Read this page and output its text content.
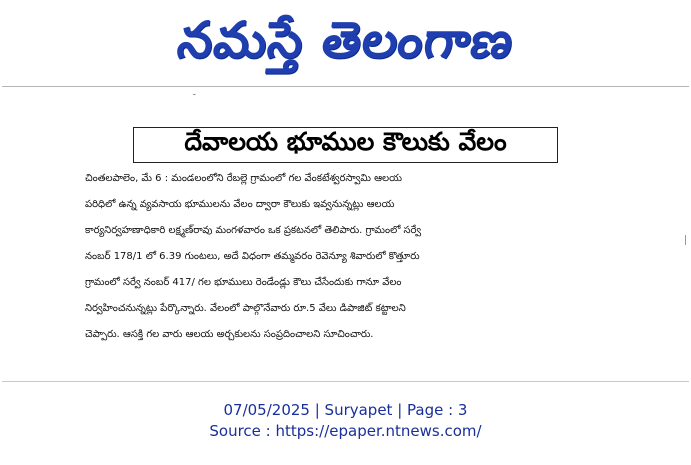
నమస్తే తెలంగాణ
˘
దేవాలయ భూముల కౌలుకు వేలం
చింతలపాలెం, మే 6 : మండలంలోని రేబల్లె గ్రామంలో గల వేంకటేశ్వరస్వామి ఆలయ
పరిధిలో ఉన్న వ్యవసాయ భూములను వేలం ద్వారా కౌలుకు ఇవ్వనున్నట్లు ఆలయ
కార్యనిర్వహణాధికారి లక్ష్మణ్‌రావు మంగళవారం ఒక ప్రకటనలో తెలిపారు. గ్రామంలో సర్వే
నంబర్ 178/1 లో 6.39 గుంటలు, అదే విధంగా తమ్మవరం రెవెన్యూ శివారులో కొత్తూరు
గ్రామంలో సర్వే నంబర్ 417/ గల భూములు రెండేండ్లు కౌలు చేసేందుకు గానూ వేలం
నిర్వహించనున్నట్లు పేర్కొన్నారు. వేలంలో పాల్గొనేవారు రూ.5 వేలు డిపాజిట్ కట్టాలని
చెప్పారు. ఆసక్తి గల వారు ఆలయ అర్చకులను సంప్రదించాలని సూచించారు.
07/05/2025 | Suryapet | Page : 3
Source : https://epaper.ntnews.com/
